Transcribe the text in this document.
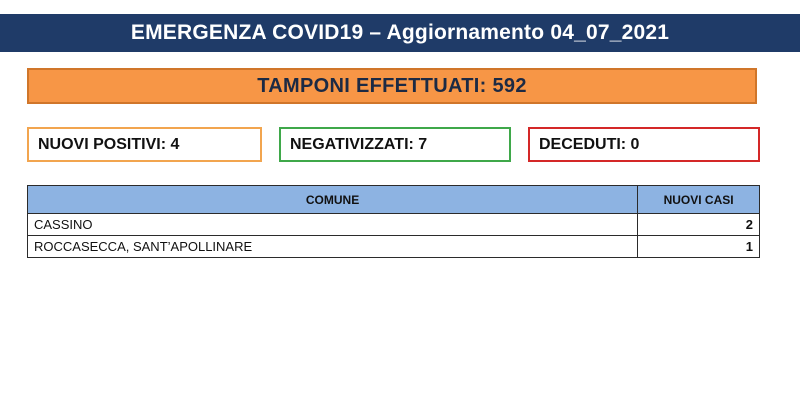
EMERGENZA COVID19 – Aggiornamento 04_07_2021
TAMPONI EFFETTUATI: 592
NUOVI POSITIVI: 4	NEGATIVIZZATI: 7	DECEDUTI: 0
COMUNE	NUOVI CASI
CASSINO	2
ROCCASECCA, SANT’APOLLINARE	1
